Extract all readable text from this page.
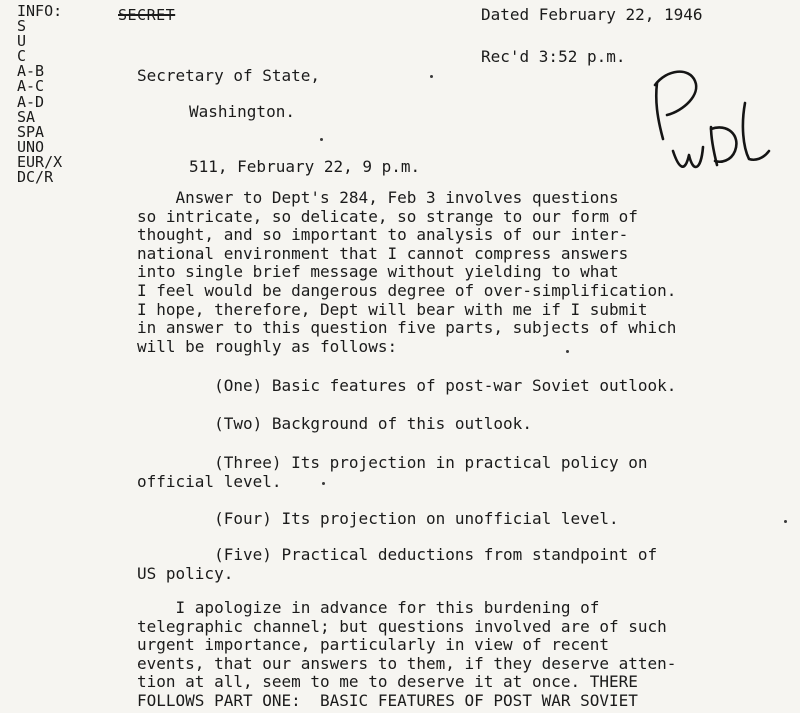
INFO:
S
U
C
A-B
A-C
A-D
SA
SPA
UNO
EUR/X
DC/R
SECRET	Dated February 22, 1946
Rec'd 3:52 p.m.
Secretary of State,
Washington.
511, February 22, 9 p.m.
Answer to Dept's 284, Feb 3 involves questions
so intricate, so delicate, so strange to our form of
thought, and so important to analysis of our inter-
national environment that I cannot compress answers
into single brief message without yielding to what
I feel would be dangerous degree of over-simplification.
I hope, therefore, Dept will bear with me if I submit
in answer to this question five parts, subjects of which
will be roughly as follows:
(One) Basic features of post-war Soviet outlook.
(Two) Background of this outlook.
(Three) Its projection in practical policy on
official level.
(Four) Its projection on unofficial level.
(Five) Practical deductions from standpoint of
US policy.
I apologize in advance for this burdening of
telegraphic channel; but questions involved are of such
urgent importance, particularly in view of recent
events, that our answers to them, if they deserve atten-
tion at all, seem to me to deserve it at once. THERE
FOLLOWS PART ONE:  BASIC FEATURES OF POST WAR SOVIET
